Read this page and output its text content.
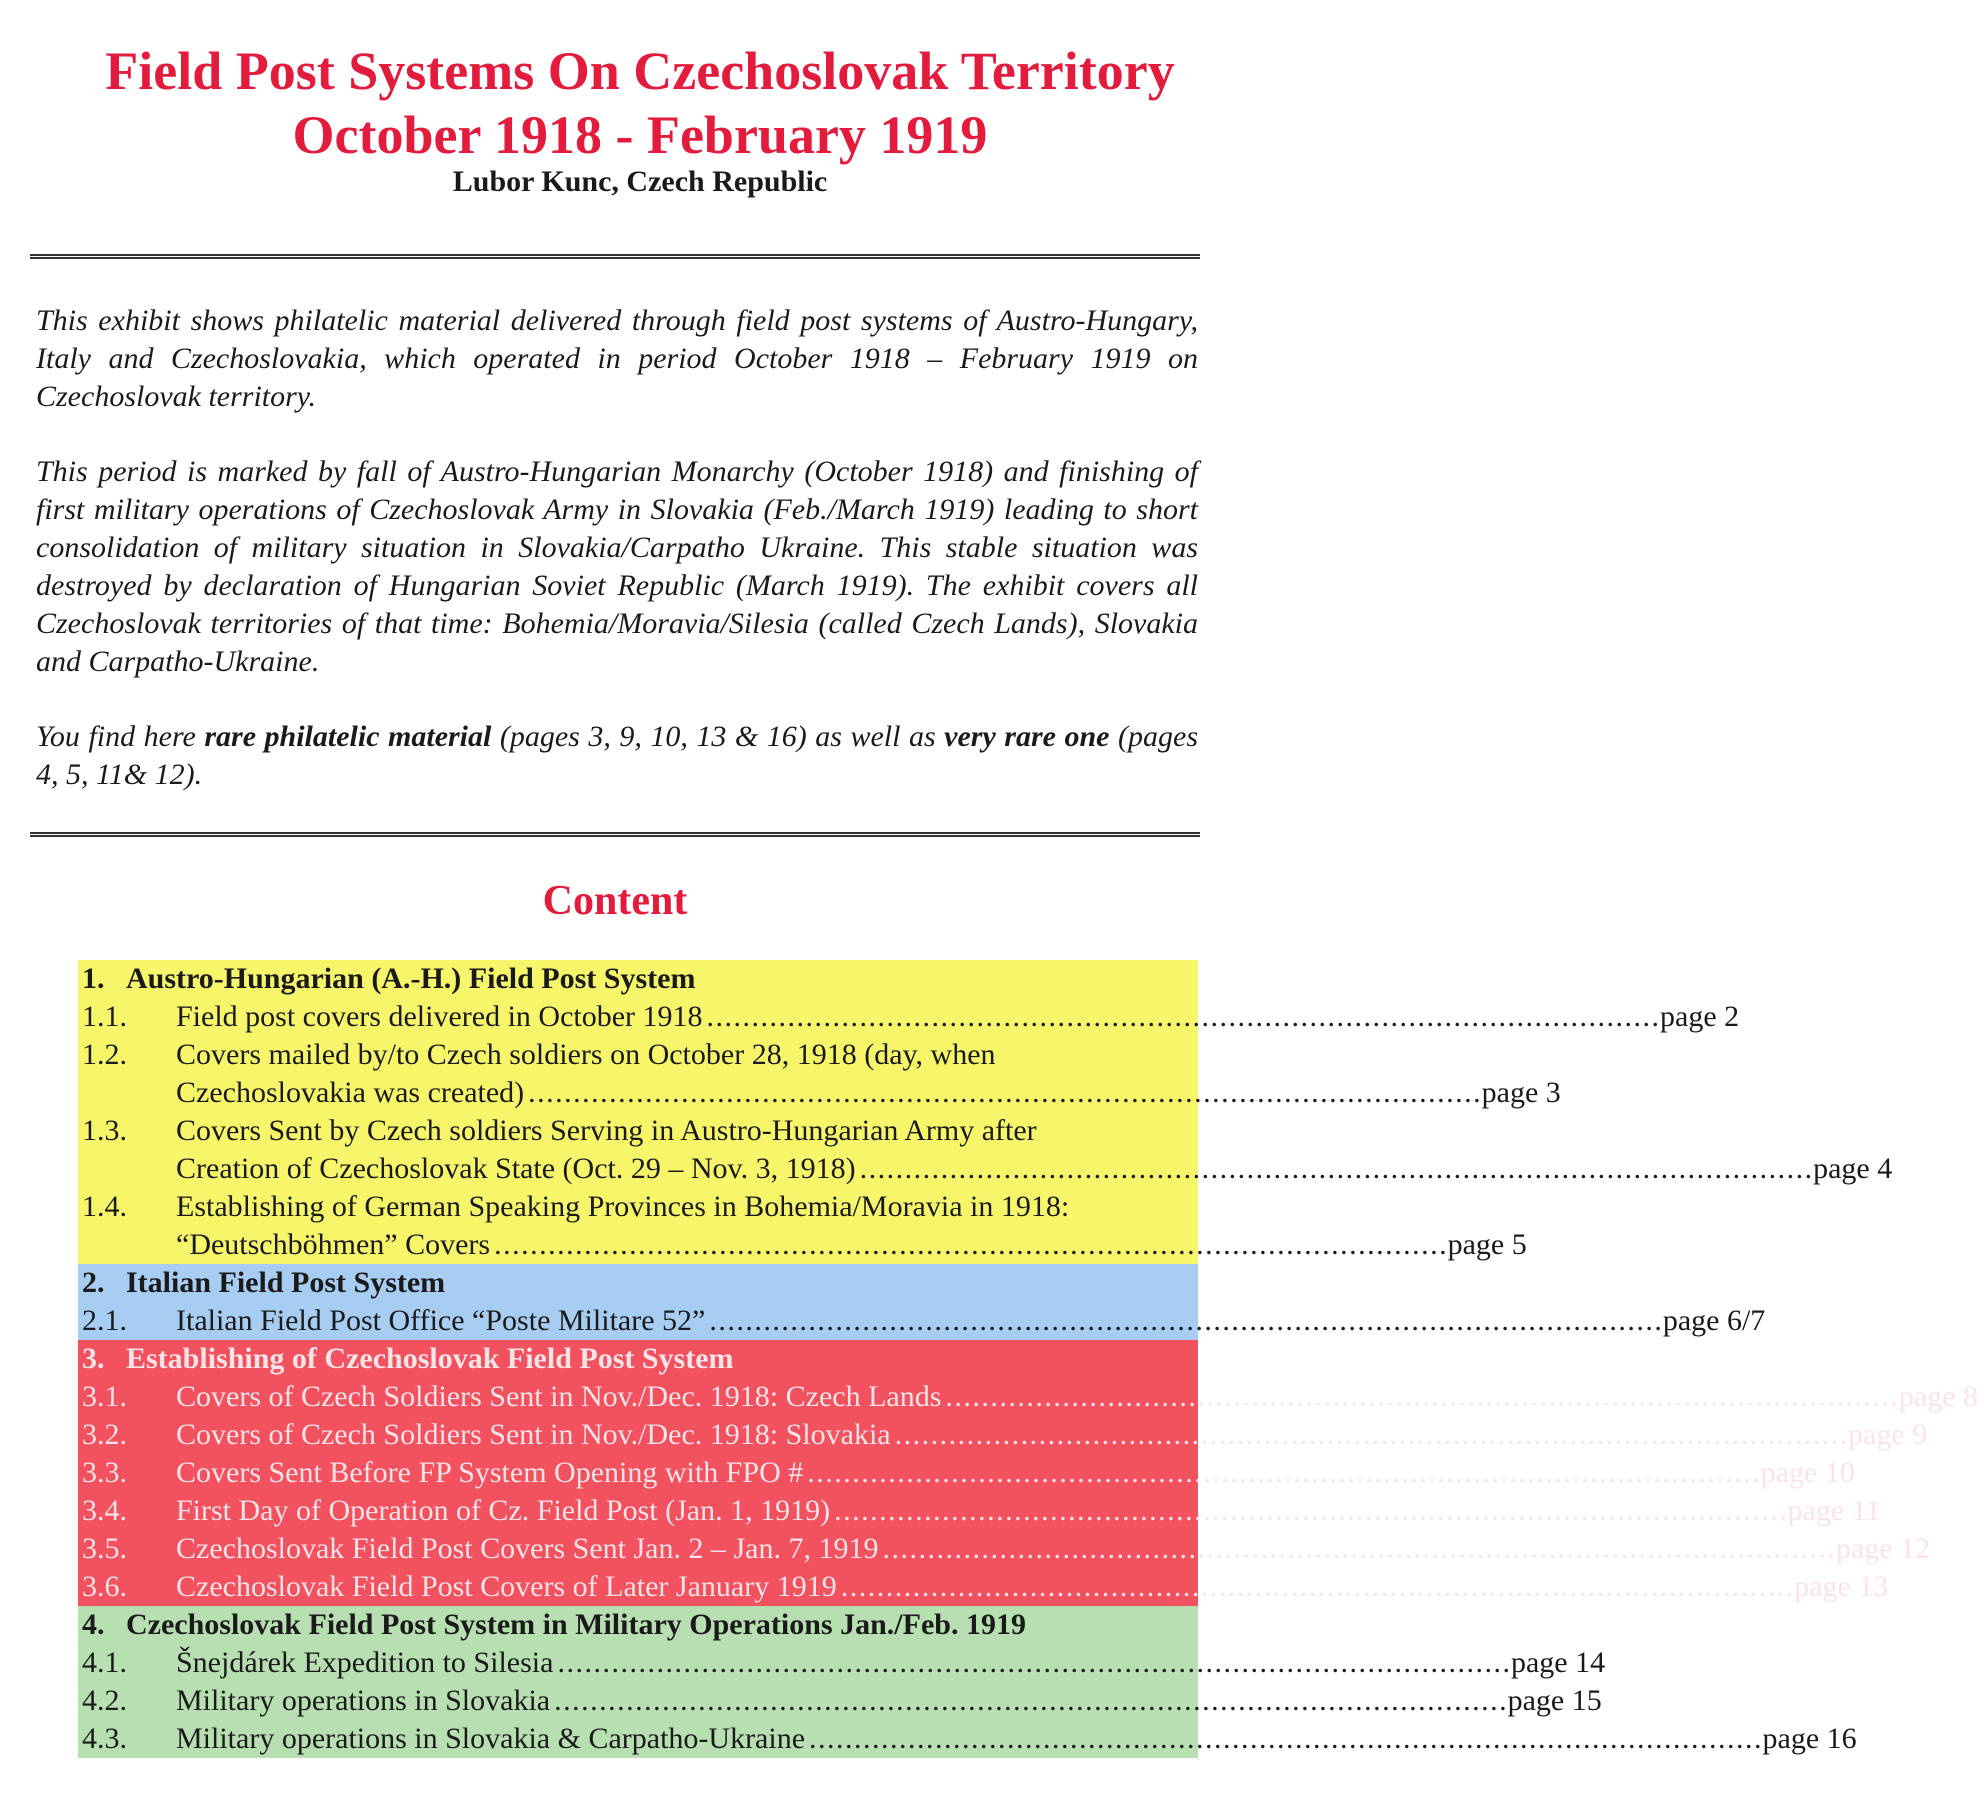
Field Post Systems On Czechoslovak Territory
October 1918 - February 1919

Lubor Kunc, Czech Republic

This exhibit shows philatelic material delivered through field post systems of Austro-Hungary, Italy and Czechoslovakia, which operated in period October 1918 – February 1919 on Czechoslovak territory.

This period is marked by fall of Austro-Hungarian Monarchy (October 1918) and finishing of first military operations of Czechoslovak Army in Slovakia (Feb./March 1919) leading to short consolidation of military situation in Slovakia/Carpatho Ukraine. This stable situation was destroyed by declaration of Hungarian Soviet Republic (March 1919). The exhibit covers all Czechoslovak territories of that time: Bohemia/Moravia/Silesia (called Czech Lands), Slovakia and Carpatho-Ukraine.

You find here rare philatelic material (pages 3, 9, 10, 13 & 16) as well as very rare one (pages 4, 5, 11& 12).

Content
1. Austro-Hungarian (A.-H.) Field Post System
1.1.	Field post covers delivered in October 1918 . . .	page 2
1.2.	Covers mailed by/to Czech soldiers on October 28, 1918 (day, when
Czechoslovakia was created) . . .	page 3
1.3.	Covers Sent by Czech soldiers Serving in Austro-Hungarian Army after
Creation of Czechoslovak State (Oct. 29 – Nov. 3, 1918) . . .	page 4
1.4.	Establishing of German Speaking Provinces in Bohemia/Moravia in 1918:
“Deutschböhmen” Covers . . .	page 5
2. Italian Field Post System
2.1.	Italian Field Post Office “Poste Militare 52” . . .	page 6/7
3. Establishing of Czechoslovak Field Post System
3.1.	Covers of Czech Soldiers Sent in Nov./Dec. 1918: Czech Lands . . .	page 8
3.2.	Covers of Czech Soldiers Sent in Nov./Dec. 1918: Slovakia . . .	page 9
3.3.	Covers Sent Before FP System Opening with FPO # . . .	page 10
3.4.	First Day of Operation of Cz. Field Post (Jan. 1, 1919) . . .	page 11
3.5.	Czechoslovak Field Post Covers Sent Jan. 2 – Jan. 7, 1919 . . .	page 12
3.6.	Czechoslovak Field Post Covers of Later January 1919 . . .	page 13
4. Czechoslovak Field Post System in Military Operations Jan./Feb. 1919
4.1.	Šnejdárek Expedition to Silesia . . .	page 14
4.2.	Military operations in Slovakia . . .	page 15
4.3.	Military operations in Slovakia & Carpatho-Ukraine . . .	page 16
